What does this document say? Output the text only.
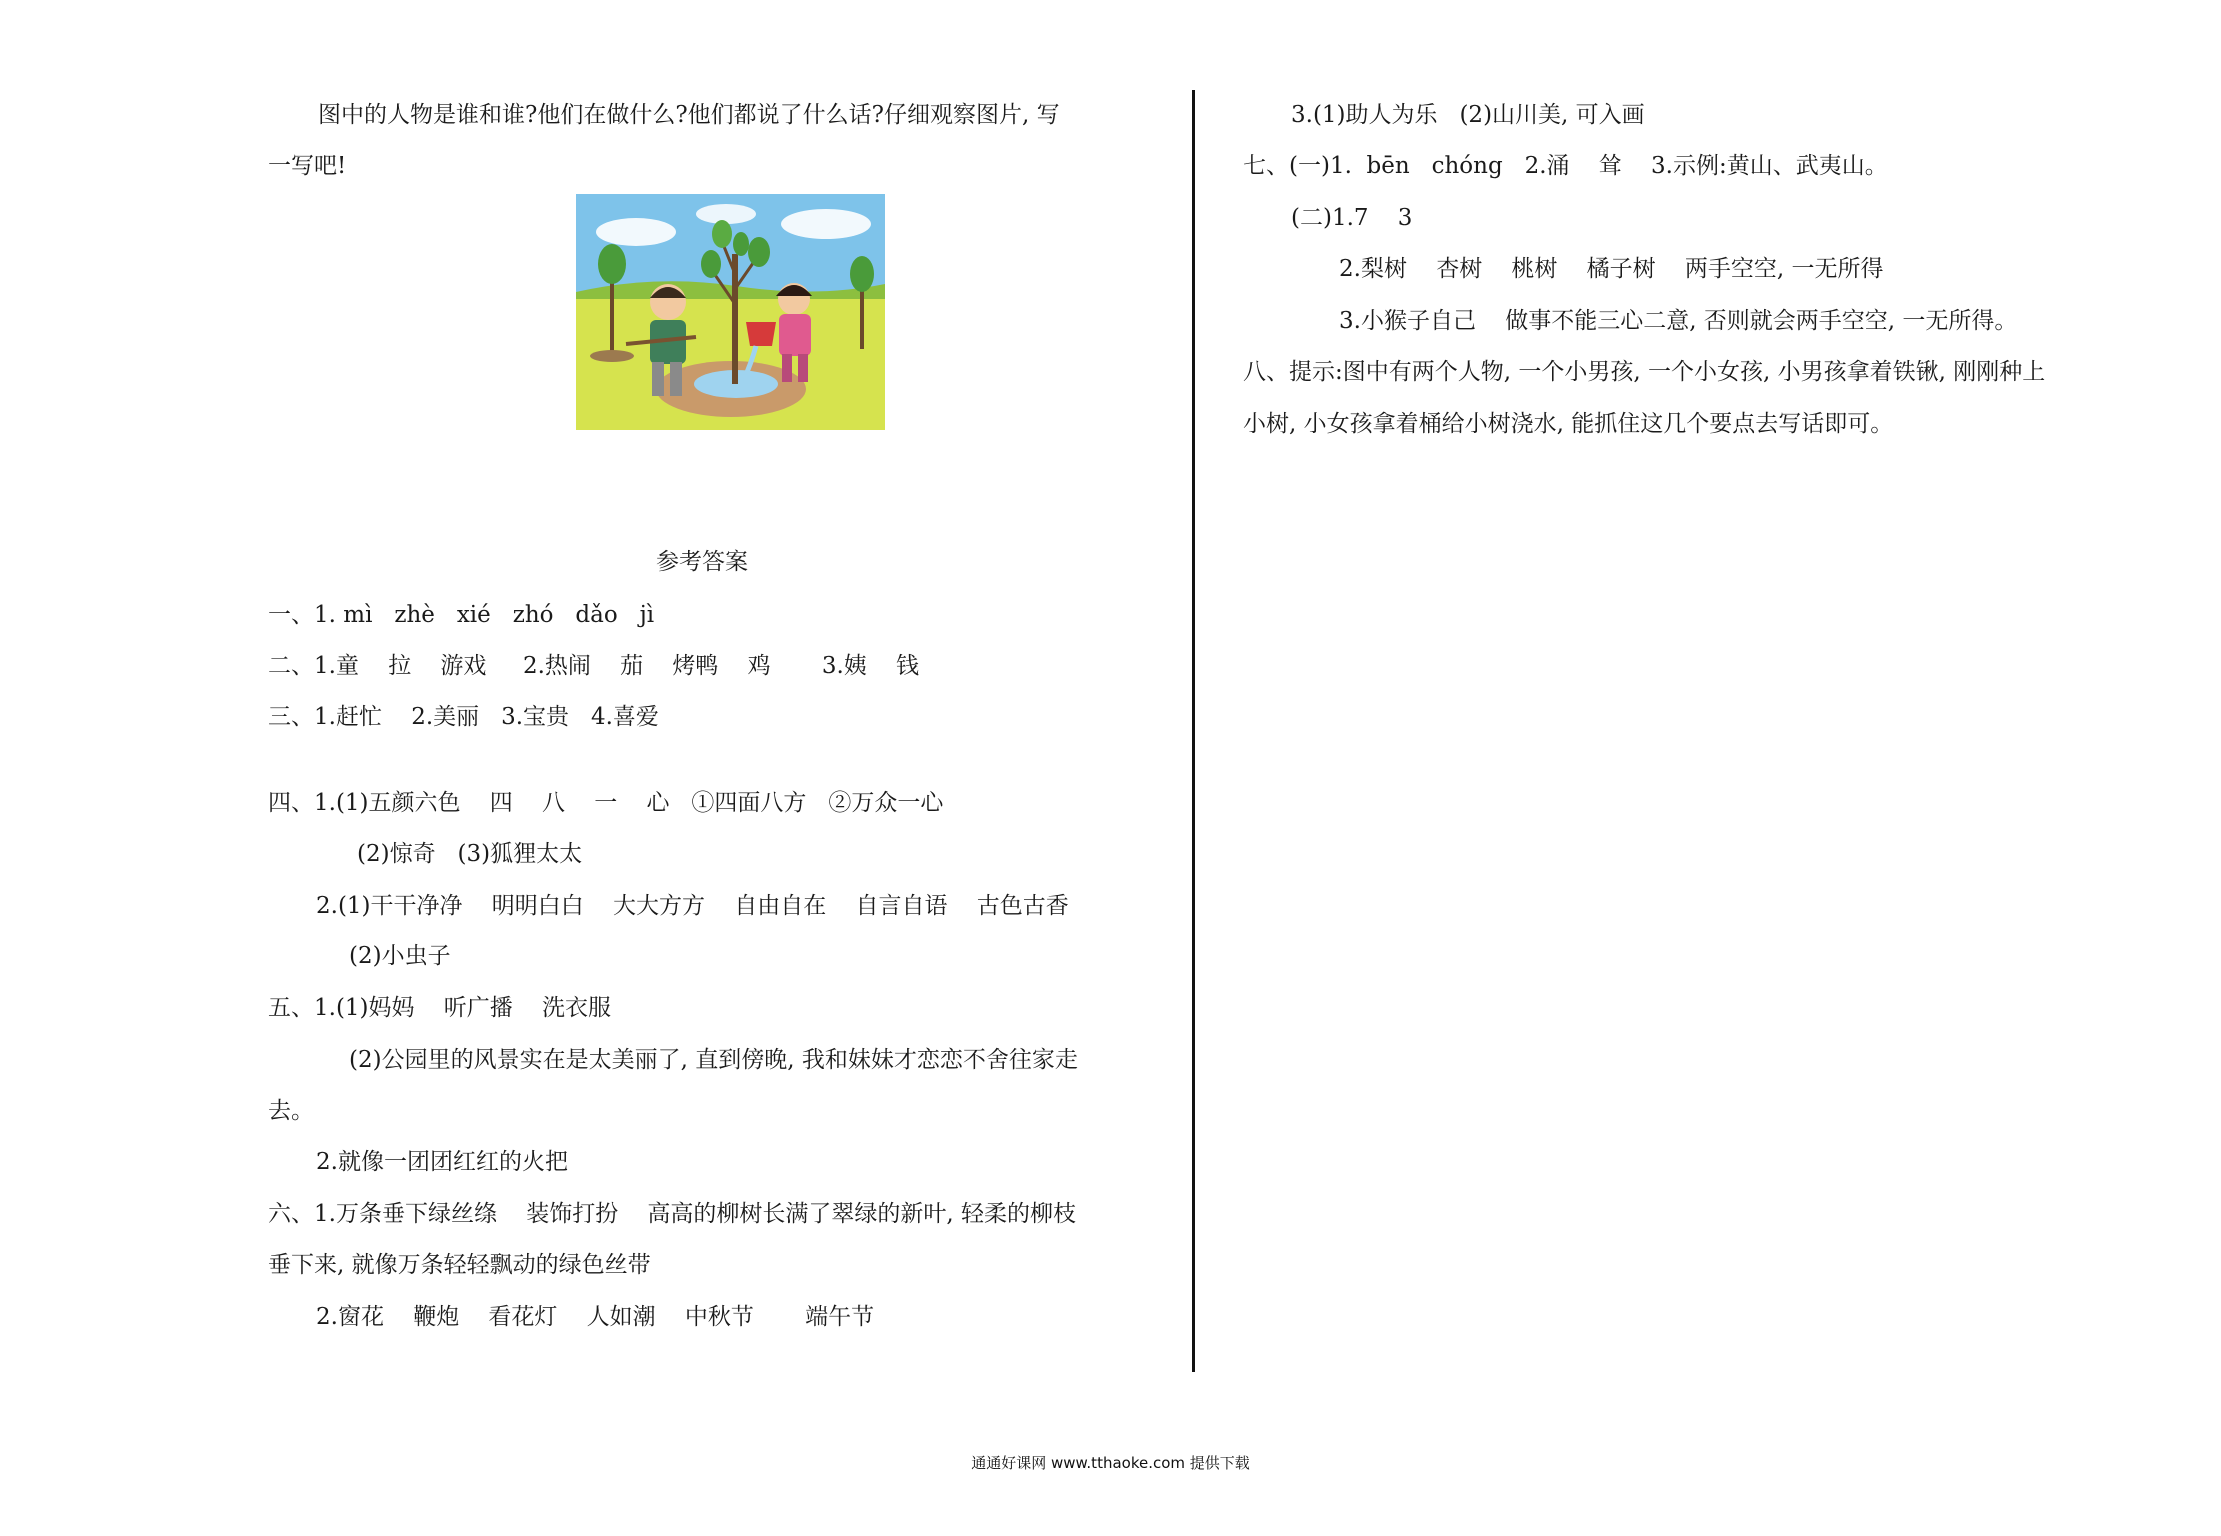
图中的人物是谁和谁?他们在做什么?他们都说了什么话?仔细观察图片, 写
一写吧!
参考答案
一、1. mì   zhè   xié   zhó   dǎo   jì
二、1.童    拉    游戏     2.热闹    茄    烤鸭    鸡       3.姨    钱
三、1.赶忙    2.美丽   3.宝贵   4.喜爱
四、1.(1)五颜六色    四    八    一    心   ①四面八方   ②万众一心
(2)惊奇   (3)狐狸太太
2.(1)干干净净    明明白白    大大方方    自由自在    自言自语    古色古香
(2)小虫子
五、1.(1)妈妈    听广播    洗衣服
(2)公园里的风景实在是太美丽了, 直到傍晚, 我和妹妹才恋恋不舍往家走
去。
2.就像一团团红红的火把
六、1.万条垂下绿丝绦    装饰打扮    高高的柳树长满了翠绿的新叶, 轻柔的柳枝
垂下来, 就像万条轻轻飘动的绿色丝带
2.窗花    鞭炮    看花灯    人如潮    中秋节       端午节
3.(1)助人为乐   (2)山川美, 可入画
七、(一)1.  bēn   chóng   2.涌    耸    3.示例:黄山、武夷山。
(二)1.7    3
2.梨树    杏树    桃树    橘子树    两手空空, 一无所得
3.小猴子自己    做事不能三心二意, 否则就会两手空空, 一无所得。
八、提示:图中有两个人物, 一个小男孩, 一个小女孩, 小男孩拿着铁锹, 刚刚种上
小树, 小女孩拿着桶给小树浇水, 能抓住这几个要点去写话即可。
通通好课网 www.tthaoke.com 提供下载
